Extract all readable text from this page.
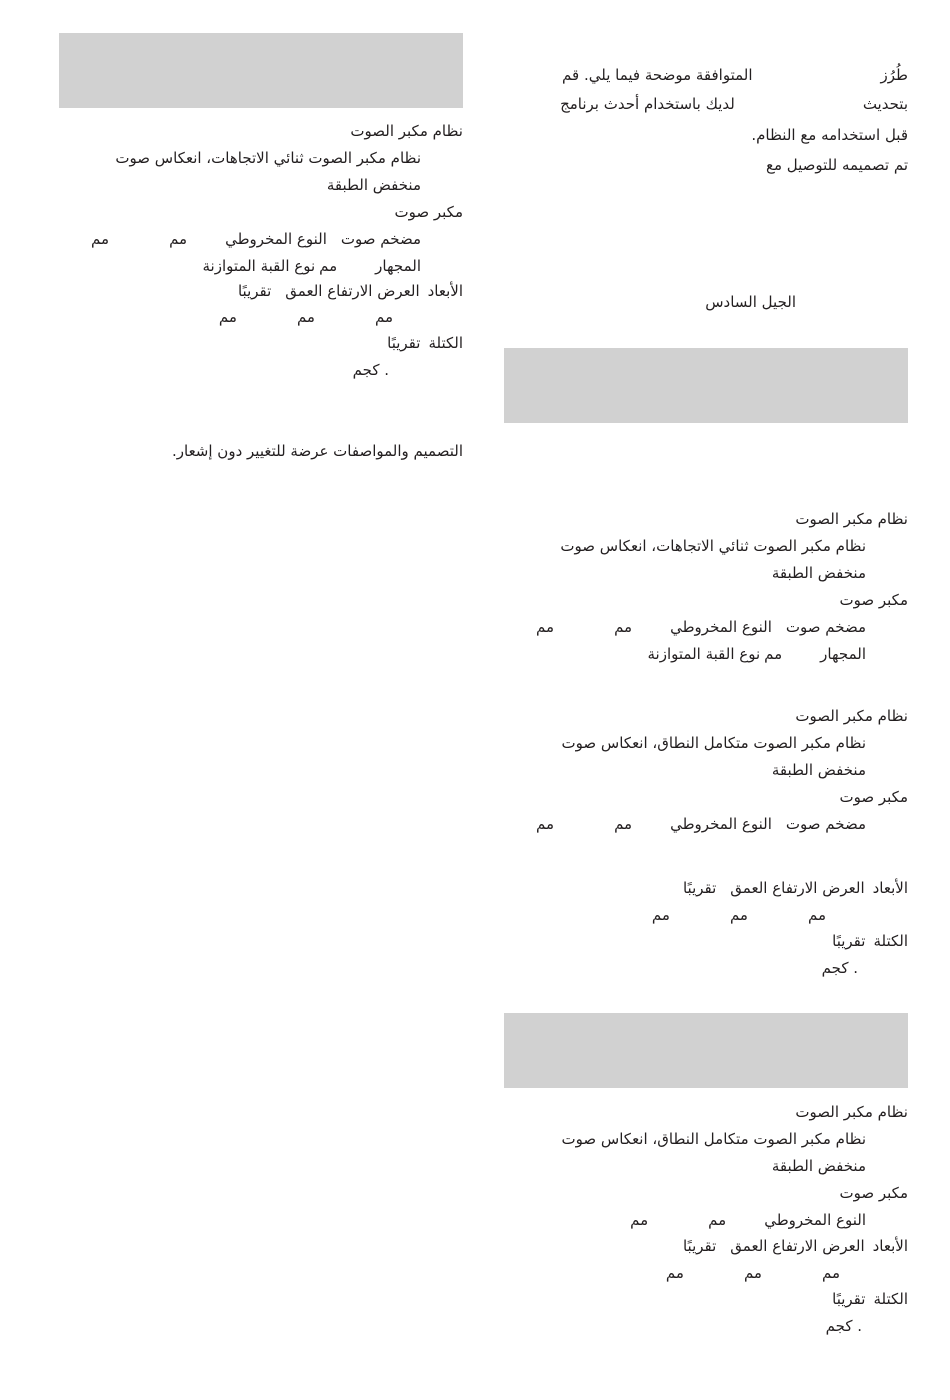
نظام مكبر الصوت
نظام مكبر الصوت ثنائي الاتجاهات، انعكاس صوت
منخفض الطبقة
مكبر صوت
مضخم صوتالنوع المخروطيمممم
المجهارممنوع القبة المتوازنة
الأبعادالعرض الارتفاع العمقتقريبًا
مممممم
الكتلةتقريبًا
. كجم
التصميم والمواصفات عرضة للتغيير دون إشعار.
طُرُزالمتوافقة موضحة فيما يلي. قم
بتحديثلديك باستخدام أحدث برنامج
قبل استخدامه مع النظام.
تم تصميمه للتوصيل مع
الجيل السادس
نظام مكبر الصوت
نظام مكبر الصوت ثنائي الاتجاهات، انعكاس صوت
منخفض الطبقة
مكبر صوت
مضخم صوتالنوع المخروطيمممم
المجهارممنوع القبة المتوازنة
نظام مكبر الصوت
نظام مكبر الصوت متكامل النطاق، انعكاس صوت
منخفض الطبقة
مكبر صوت
مضخم صوتالنوع المخروطيمممم
الأبعادالعرض الارتفاع العمقتقريبًا
مممممم
الكتلةتقريبًا
. كجم
نظام مكبر الصوت
نظام مكبر الصوت متكامل النطاق، انعكاس صوت
منخفض الطبقة
مكبر صوت
النوع المخروطيمممم
الأبعادالعرض الارتفاع العمقتقريبًا
مممممم
الكتلةتقريبًا
. كجم
